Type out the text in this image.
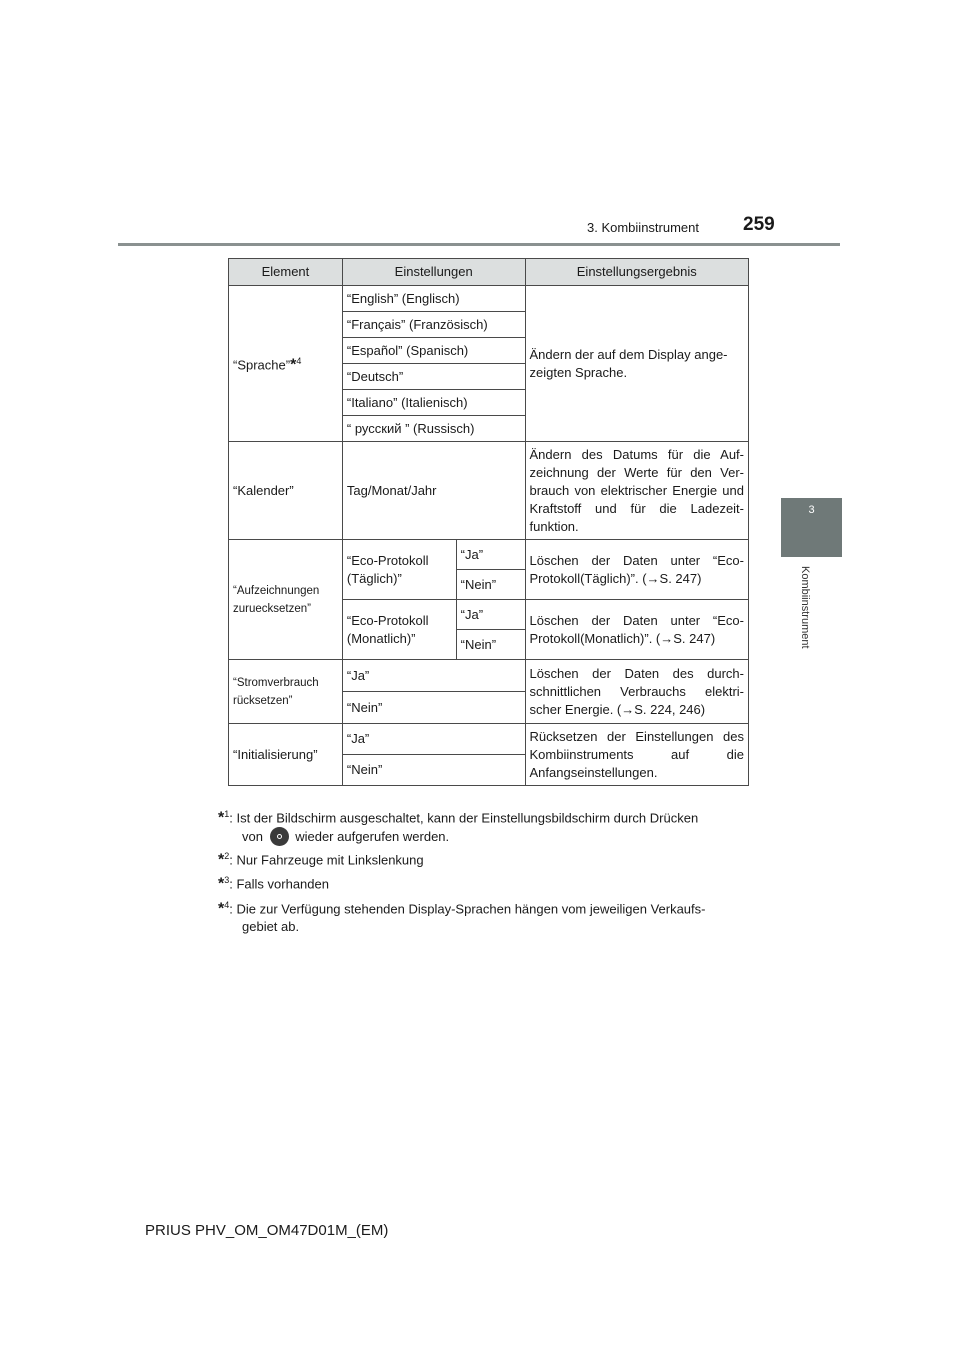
3. Kombiinstrument 259
3
Kombiinstrument
Element	Einstellungen		Einstellungsergebnis
“Sprache”*$^4$	“English” (Englisch)		Ändern der auf dem Display ange-zeigten Sprache.
	“Français” (Französisch)		
	“Español” (Spanisch)		
	“Deutsch”		
	“Italiano” (Italienisch)		
	“ русский ” (Russisch)		
“Kalender”	Tag/Monat/Jahr		Ändern des Datums für die Auf-zeichnung der Werte für den Ver-brauch von elektrischer Energie und Kraftstoff und für die Ladezeit-funktion.
“Aufzeichnungen zuruecksetzen”	“Eco-Protokoll (Täglich)”	“Ja”	Löschen der Daten unter “Eco-Protokoll(Täglich)”. (→S. 247)
		“Nein”	
	“Eco-Protokoll (Monatlich)”	“Ja”	Löschen der Daten unter “Eco-Protokoll(Monatlich)”. (→S. 247)
		“Nein”	
“Stromverbrauch rücksetzen”	“Ja”		Löschen der Daten des durch-schnittlichen Verbrauchs elektri-scher Energie. (→S. 224, 246)
	“Nein”		
“Initialisierung”	“Ja”		Rücksetzen der Einstellungen des Kombiinstruments auf die Anfangseinstellungen.
	“Nein”		
*$^1$: Ist der Bildschirm ausgeschaltet, kann der Einstellungsbildschirm durch Drücken
von wieder aufgerufen werden.
*$^2$: Nur Fahrzeuge mit Linkslenkung
*$^3$: Falls vorhanden
*$^4$: Die zur Verfügung stehenden Display-Sprachen hängen vom jeweiligen Verkaufs-
gebiet ab.
PRIUS PHV_OM_OM47D01M_(EM)
